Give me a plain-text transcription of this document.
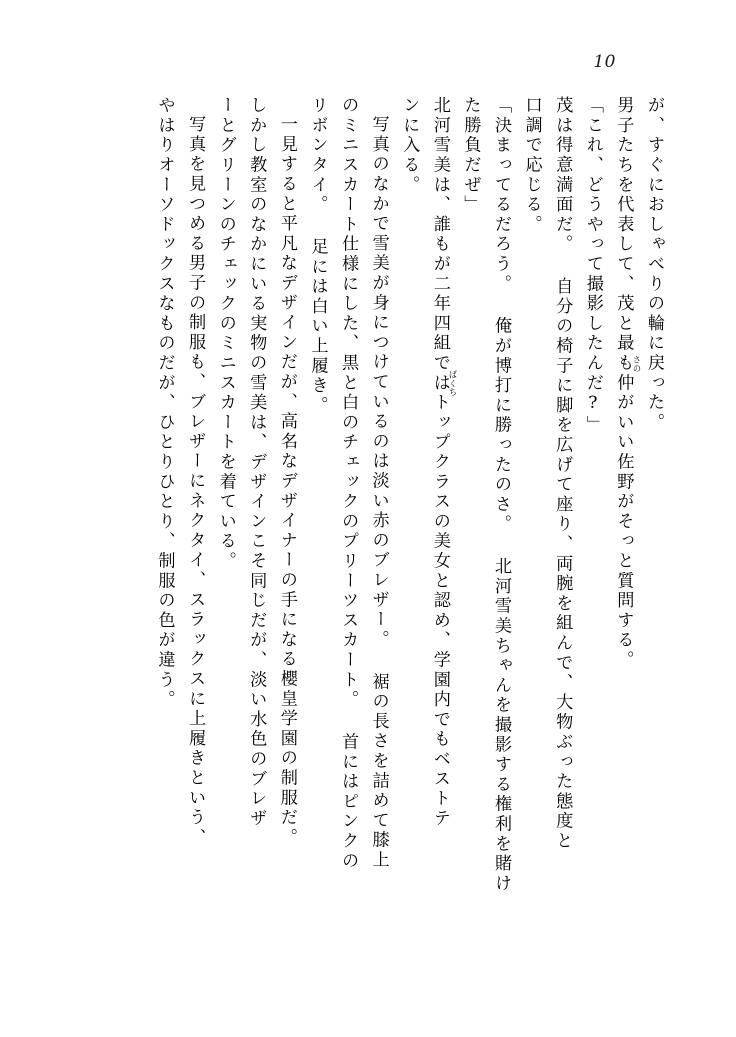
10
が、すぐにおしゃべりの輪に戻った。
男子たちを代表して、茂と最も仲がいい佐野がそっと質問する。
「これ、どうやって撮影したんだ?」
茂は得意満面だ。 自分の椅子に脚を広げて座り、両腕を組んで、大物ぶった態度と
口調で応じる。
「決まってるだろう。 俺が博打に勝ったのさ。 北河雪美ちゃんを撮影する権利を賭け
た勝負だぜ」
北河雪美は、誰もが二年四組ではトップクラスの美女と認め、学園内でもベストテ
ンに入る。
写真のなかで雪美が身につけているのは淡い赤のブレザー。 裾の長さを詰めて膝上
のミニスカート仕様にした、黒と白のチェックのプリーツスカート。 首にはピンクの
リボンタイ。 足には白い上履き。
一見すると平凡なデザインだが、高名なデザイナーの手になる櫻皇学園の制服だ。
しかし教室のなかにいる実物の雪美は、デザインこそ同じだが、淡い水色のブレザ
ーとグリーンのチェックのミニスカートを着ている。
写真を見つめる男子の制服も、ブレザーにネクタイ、スラックスに上履きという、
やはりオーソドックスなものだが、ひとりひとり、制服の色が違う。	さの
ばくち
